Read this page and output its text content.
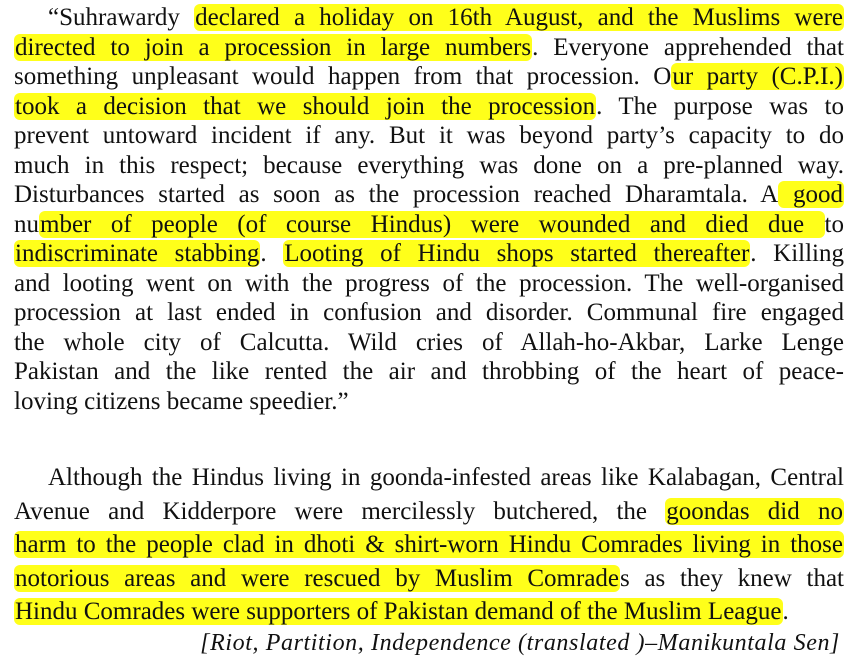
“Suhrawardy declared a holiday on 16th August, and the Muslims were
directed to join a procession in large numbers. Everyone apprehended that
something unpleasant would happen from that procession. Our party (C.P.I.)
took a decision that we should join the procession. The purpose was to
prevent untoward incident if any. But it was beyond party’s capacity to do
much in this respect; because everything was done on a pre-planned way.
Disturbances started as soon as the procession reached Dharamtala. A good
number of people (of course Hindus) were wounded and died due to
indiscriminate stabbing. Looting of Hindu shops started thereafter. Killing
and looting went on with the progress of the procession. The well-organised
procession at last ended in confusion and disorder. Communal fire engaged
the whole city of Calcutta. Wild cries of Allah-ho-Akbar, Larke Lenge
Pakistan and the like rented the air and throbbing of the heart of peace-
loving citizens became speedier.”
Although the Hindus living in goonda-infested areas like Kalabagan, Central
Avenue and Kidderpore were mercilessly butchered, the goondas did no
harm to the people clad in dhoti & shirt-worn Hindu Comrades living in those
notorious areas and were rescued by Muslim Comrades as they knew that
Hindu Comrades were supporters of Pakistan demand of the Muslim League.
[Riot, Partition, Independence (translated )–Manikuntala Sen]
